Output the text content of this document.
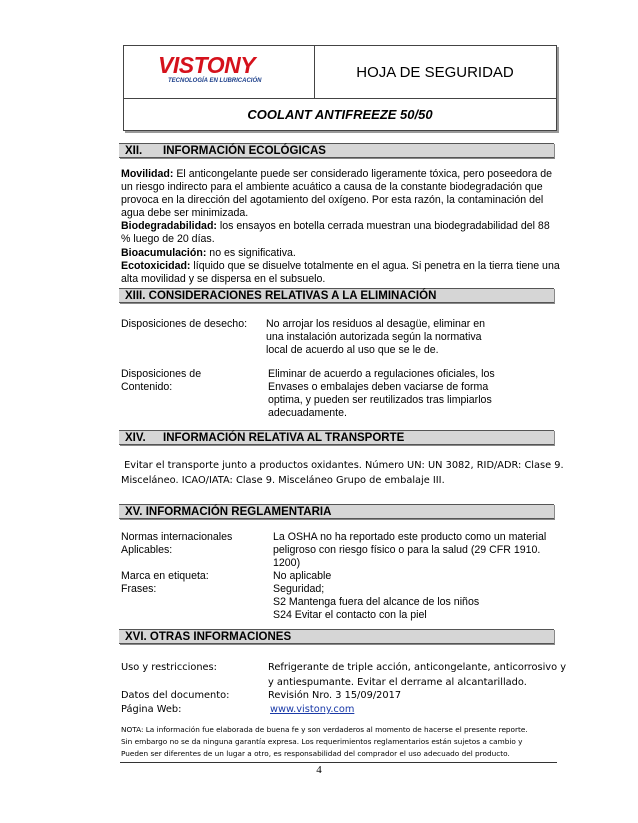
VISTONY
TECNOLOGÍA EN LUBRICACIÓN
HOJA DE SEGURIDAD
COOLANT ANTIFREEZE 50/50
XII. INFORMACIÓN ECOLÓGICAS
Movilidad: El anticongelante puede ser considerado ligeramente tóxica, pero poseedora de un riesgo indirecto para el ambiente acuático a causa de la constante biodegradación que provoca en la dirección del agotamiento del oxígeno. Por esta razón, la contaminación del agua debe ser minimizada.
Biodegradabilidad: los ensayos en botella cerrada muestran una biodegradabilidad del 88 % luego de 20 días.
Bioacumulación: no es significativa.
Ecotoxicidad: líquido que se disuelve totalmente en el agua. Si penetra en la tierra tiene una alta movilidad y se dispersa en el subsuelo.
XIII. CONSIDERACIONES RELATIVAS A LA ELIMINACIÓN
Disposiciones de desecho: No arrojar los residuos al desagüe, eliminar en
una instalación autorizada según la normativa
local de acuerdo al uso que se le de.
Disposiciones de
Contenido:
Eliminar de acuerdo a regulaciones oficiales, los
Envases o embalajes deben vaciarse de forma
optima, y pueden ser reutilizados tras limpiarlos
adecuadamente.
XIV. INFORMACIÓN RELATIVA AL TRANSPORTE
Evitar el transporte junto a productos oxidantes. Número UN: UN 3082, RID/ADR: Clase 9.
Misceláneo. ICAO/IATA: Clase 9. Misceláneo Grupo de embalaje III.
XV. INFORMACIÓN REGLAMENTARIA
Normas internacionales
Aplicables:
La OSHA no ha reportado este producto como un material
peligroso con riesgo físico o para la salud (29 CFR 1910.
1200)
Marca en etiqueta:	No aplicable
Frases:	Seguridad;
S2 Mantenga fuera del alcance de los niños
S24 Evitar el contacto con la piel
XVI. OTRAS INFORMACIONES
Uso y restricciones:	Refrigerante de triple acción, anticongelante, anticorrosivo y
y antiespumante. Evitar el derrame al alcantarillado.
Datos del documento:	Revisión Nro. 3 15/09/2017
Página Web:	www.vistony.com
NOTA: La información fue elaborada de buena fe y son verdaderos al momento de hacerse el presente reporte.
Sin embargo no se da ninguna garantía expresa. Los requerimientos reglamentarios están sujetos a cambio y
Pueden ser diferentes de un lugar a otro, es responsabilidad del comprador el uso adecuado del producto.
4
